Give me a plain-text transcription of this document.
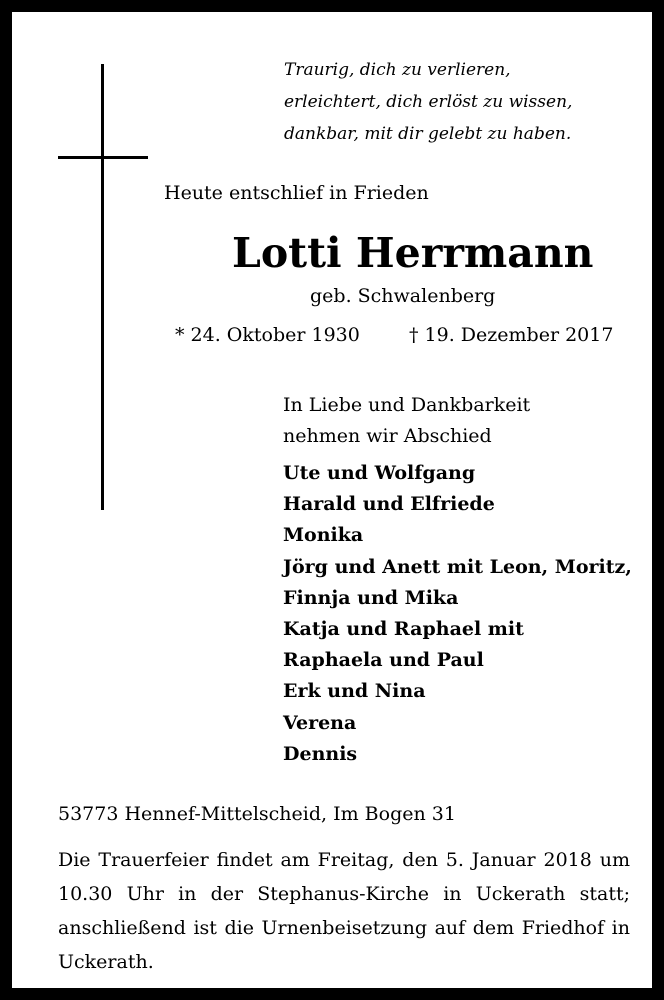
Traurig, dich zu verlieren,
erleichtert, dich erlöst zu wissen,
dankbar, mit dir gelebt zu haben.
Heute entschlief in Frieden
Lotti Herrmann
geb. Schwalenberg
* 24. Oktober 1930	† 19. Dezember 2017
In Liebe und Dankbarkeit
nehmen wir Abschied
Ute und Wolfgang
Harald und Elfriede
Monika
Jörg und Anett mit Leon, Moritz,
Finnja und Mika
Katja und Raphael mit
Raphaela und Paul
Erk und Nina
Verena
Dennis
53773 Hennef-Mittelscheid, Im Bogen 31
Die Trauerfeier findet am Freitag, den 5. Januar 2018 um 10.30 Uhr in der Stephanus-Kirche in Uckerath statt; anschließend ist die Urnenbeisetzung auf dem Friedhof in Uckerath.
